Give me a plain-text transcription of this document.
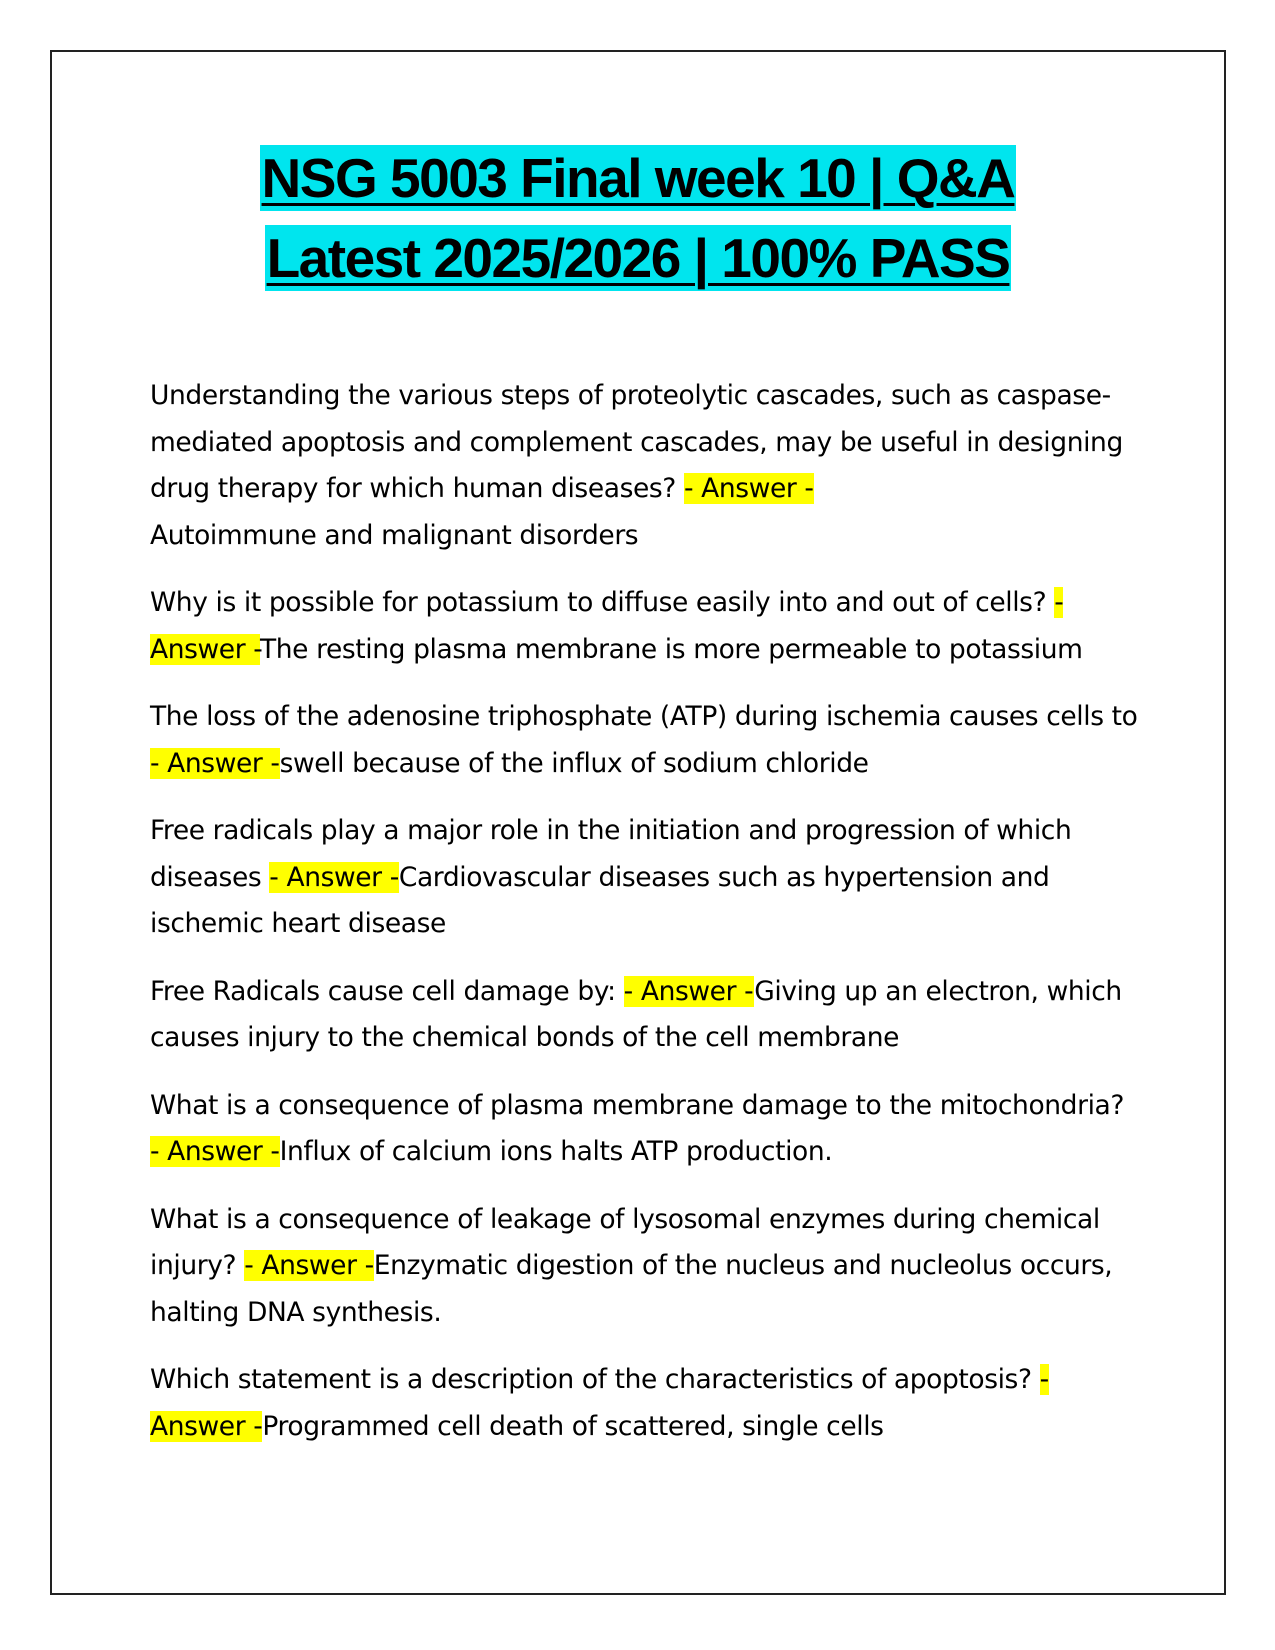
NSG 5003 Final week 10 | Q&A
Latest 2025/2026 | 100% PASS

Understanding the various steps of proteolytic cascades, such as caspase-mediated apoptosis and complement cascades, may be useful in designing drug therapy for which human diseases? - Answer -
Autoimmune and malignant disorders

Why is it possible for potassium to diffuse easily into and out of cells? - Answer -The resting plasma membrane is more permeable to potassium

The loss of the adenosine triphosphate (ATP) during ischemia causes cells to - Answer -swell because of the influx of sodium chloride

Free radicals play a major role in the initiation and progression of which diseases - Answer -Cardiovascular diseases such as hypertension and ischemic heart disease

Free Radicals cause cell damage by: - Answer -Giving up an electron, which causes injury to the chemical bonds of the cell membrane

What is a consequence of plasma membrane damage to the mitochondria? - Answer -Influx of calcium ions halts ATP production.

What is a consequence of leakage of lysosomal enzymes during chemical injury? - Answer -Enzymatic digestion of the nucleus and nucleolus occurs, halting DNA synthesis.

Which statement is a description of the characteristics of apoptosis? - Answer -Programmed cell death of scattered, single cells
